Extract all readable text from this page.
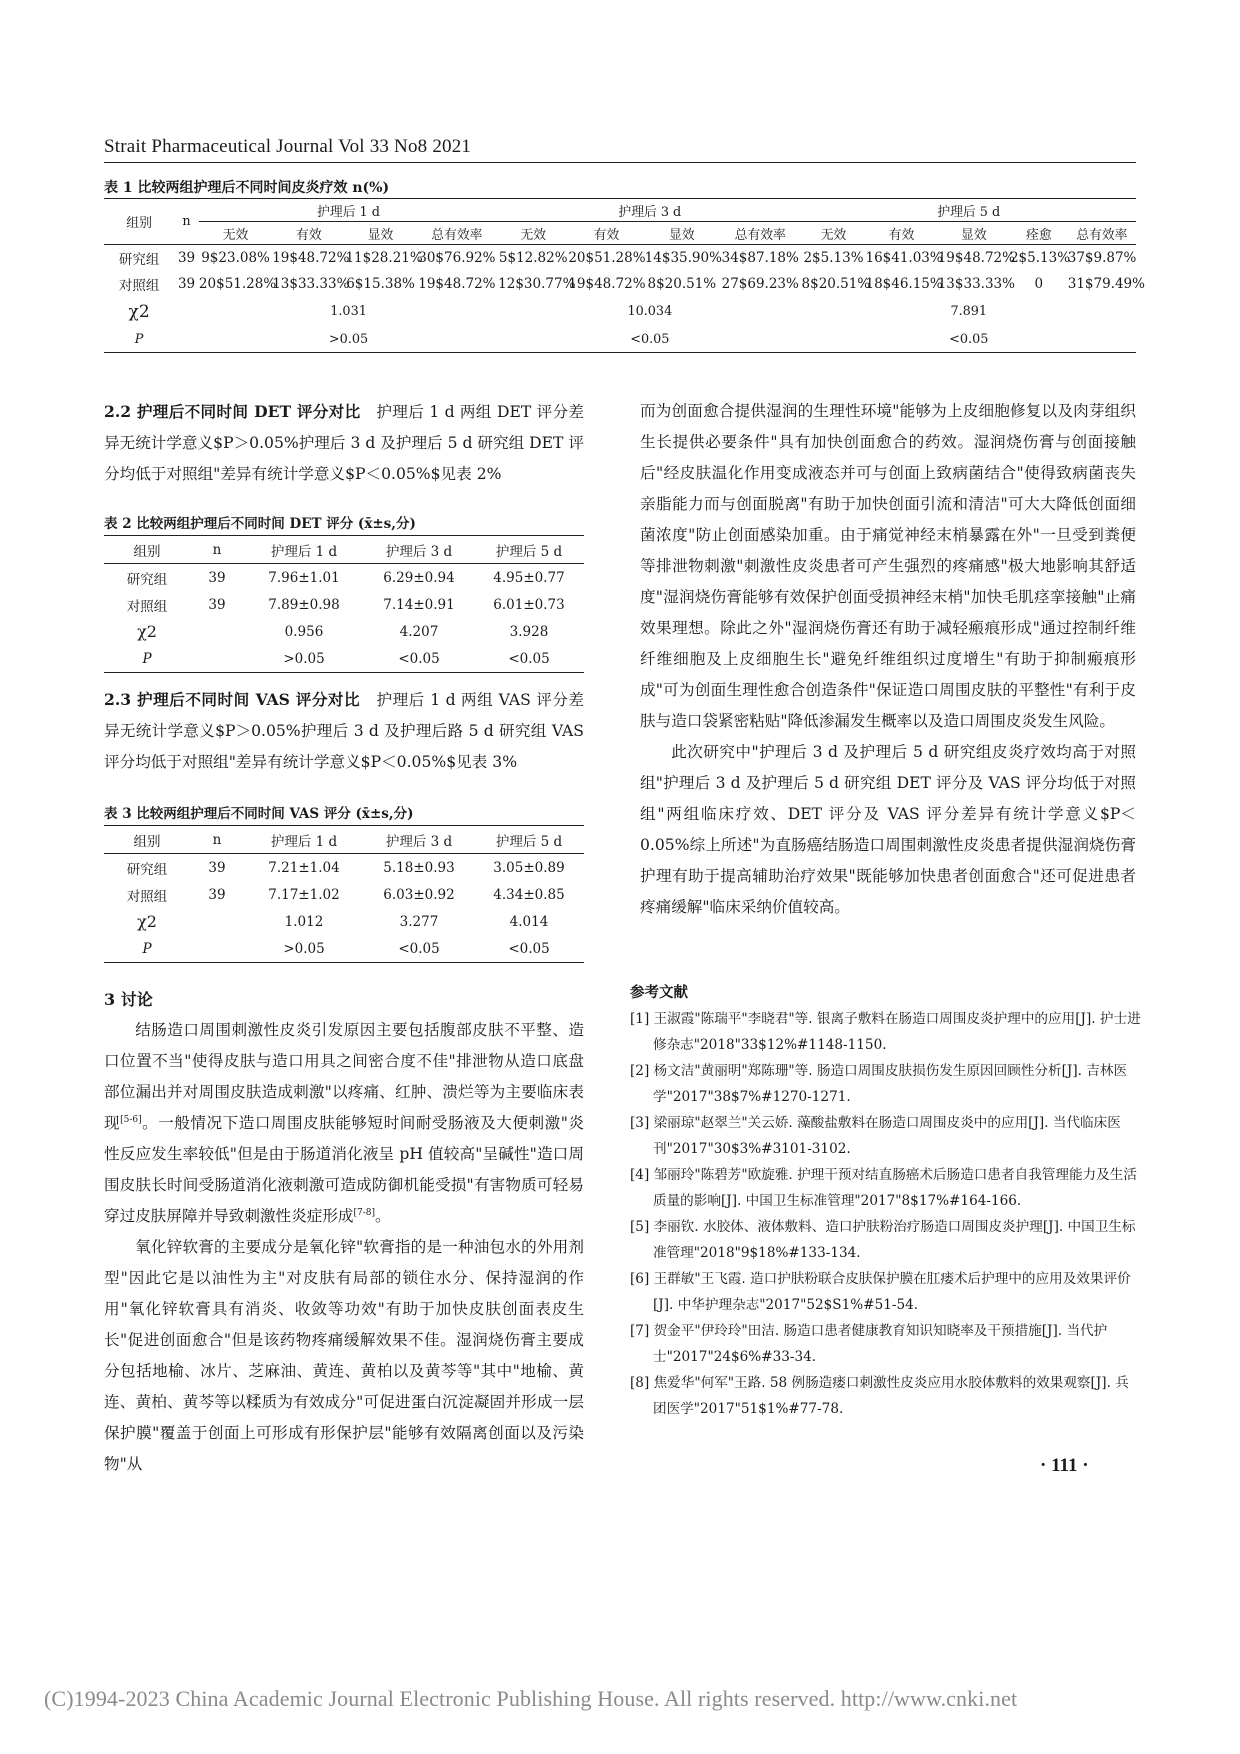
Strait Pharmaceutical Journal Vol 33 No8 2021
表 1 比较两组护理后不同时间皮炎疗效 n(%)
组别	n	护理后 1 d				护理后 3 d				护理后 5 d				
		无效	有效	显效	总有效率	无效	有效	显效	总有效率	无效	有效	显效	痊愈	总有效率
研究组	39	9$23.08%	19$48.72%	11$28.21%	30$76.92%	5$12.82%	20$51.28%	14$35.90%	34$87.18%	2$5.13%	16$41.03%	19$48.72%	2$5.13%	37$9.87%
对照组	39	20$51.28%	13$33.33%	6$15.38%	19$48.72%	12$30.77%	19$48.72%	8$20.51%	27$69.23%	8$20.51%	18$46.15%	13$33.33%	0	31$79.49%
χ2		1.031				10.034				7.891				
P		>0.05				<0.05				<0.05				

2.2 护理后不同时间 DET 评分对比 护理后 1 d 两组 DET 评分差异无统计学意义$P＞0.05%护理后 3 d 及护理后 5 d 研究组 DET 评分均低于对照组"差异有统计学意义$P＜0.05%$见表 2%

表 2 比较两组护理后不同时间 DET 评分 (x̄±s,分)
组别	n	护理后 1 d	护理后 3 d	护理后 5 d
研究组	39	7.96±1.01	6.29±0.94	4.95±0.77
对照组	39	7.89±0.98	7.14±0.91	6.01±0.73
χ2		0.956	4.207	3.928
P		>0.05	<0.05	<0.05

2.3 护理后不同时间 VAS 评分对比 护理后 1 d 两组 VAS 评分差异无统计学意义$P＞0.05%护理后 3 d 及护理后路 5 d 研究组 VAS 评分均低于对照组"差异有统计学意义$P＜0.05%$见表 3%

表 3 比较两组护理后不同时间 VAS 评分 (x̄±s,分)
组别	n	护理后 1 d	护理后 3 d	护理后 5 d
研究组	39	7.21±1.04	5.18±0.93	3.05±0.89
对照组	39	7.17±1.02	6.03±0.92	4.34±0.85
χ2		1.012	3.277	4.014
P		>0.05	<0.05	<0.05

3 讨论

结肠造口周围刺激性皮炎引发原因主要包括腹部皮肤不平整、造口位置不当"使得皮肤与造口用具之间密合度不佳"排泄物从造口底盘部位漏出并对周围皮肤造成刺激"以疼痛、红肿、溃烂等为主要临床表现[5-6]。一般情况下造口周围皮肤能够短时间耐受肠液及大便刺激"炎性反应发生率较低"但是由于肠道消化液呈 pH 值较高"呈碱性"造口周围皮肤长时间受肠道消化液刺激可造成防御机能受损"有害物质可轻易穿过皮肤屏障并导致刺激性炎症形成[7-8]。

氧化锌软膏的主要成分是氧化锌"软膏指的是一种油包水的外用剂型"因此它是以油性为主"对皮肤有局部的锁住水分、保持湿润的作用"氧化锌软膏具有消炎、收敛等功效"有助于加快皮肤创面表皮生长"促进创面愈合"但是该药物疼痛缓解效果不佳。湿润烧伤膏主要成分包括地榆、冰片、芝麻油、黄连、黄柏以及黄芩等"其中"地榆、黄连、黄柏、黄芩等以糅质为有效成分"可促进蛋白沉淀凝固并形成一层保护膜"覆盖于创面上可形成有形保护层"能够有效隔离创面以及污染物"从

而为创面愈合提供湿润的生理性环境"能够为上皮细胞修复以及肉芽组织生长提供必要条件"具有加快创面愈合的药效。湿润烧伤膏与创面接触后"经皮肤温化作用变成液态并可与创面上致病菌结合"使得致病菌丧失亲脂能力而与创面脱离"有助于加快创面引流和清洁"可大大降低创面细菌浓度"防止创面感染加重。由于痛觉神经末梢暴露在外"一旦受到粪便等排泄物刺激"刺激性皮炎患者可产生强烈的疼痛感"极大地影响其舒适度"湿润烧伤膏能够有效保护创面受损神经末梢"加快毛肌痉挛接触"止痛效果理想。除此之外"湿润烧伤膏还有助于减轻瘢痕形成"通过控制纤维纤维细胞及上皮细胞生长"避免纤维组织过度增生"有助于抑制瘢痕形成"可为创面生理性愈合创造条件"保证造口周围皮肤的平整性"有利于皮肤与造口袋紧密粘贴"降低渗漏发生概率以及造口周围皮炎发生风险。

此次研究中"护理后 3 d 及护理后 5 d 研究组皮炎疗效均高于对照组"护理后 3 d 及护理后 5 d 研究组 DET 评分及 VAS 评分均低于对照组"两组临床疗效、DET 评分及 VAS 评分差异有统计学意义$P＜0.05%综上所述"为直肠癌结肠造口周围刺激性皮炎患者提供湿润烧伤膏护理有助于提高辅助治疗效果"既能够加快患者创面愈合"还可促进患者疼痛缓解"临床采纳价值较高。

参考文献
[1] 王淑霞"陈瑞平"李晓君"等. 银离子敷料在肠造口周围皮炎护理中的应用[J]. 护士进修杂志"2018"33$12%#1148-1150.
[2] 杨文洁"黄丽明"郑陈珊"等. 肠造口周围皮肤损伤发生原因回顾性分析[J]. 吉林医学"2017"38$7%#1270-1271.
[3] 梁丽琼"赵翠兰"关云娇. 藻酸盐敷料在肠造口周围皮炎中的应用[J]. 当代临床医刊"2017"30$3%#3101-3102.
[4] 邹丽玲"陈碧芳"欧旋雅. 护理干预对结直肠癌术后肠造口患者自我管理能力及生活质量的影响[J]. 中国卫生标准管理"2017"8$17%#164-166.
[5] 李丽钦. 水胶体、液体敷料、造口护肤粉治疗肠造口周围皮炎护理[J]. 中国卫生标准管理"2018"9$18%#133-134.
[6] 王群敏"王飞霞. 造口护肤粉联合皮肤保护膜在肛瘘术后护理中的应用及效果评价[J]. 中华护理杂志"2017"52$S1%#51-54.
[7] 贺金平"伊玲玲"田洁. 肠造口患者健康教育知识知晓率及干预措施[J]. 当代护士"2017"24$6%#33-34.
[8] 焦爱华"何军"王路. 58 例肠造瘘口刺激性皮炎应用水胶体敷料的效果观察[J]. 兵团医学"2017"51$1%#77-78.
· 111 ·
(C)1994-2023 China Academic Journal Electronic Publishing House. All rights reserved. http://www.cnki.net
